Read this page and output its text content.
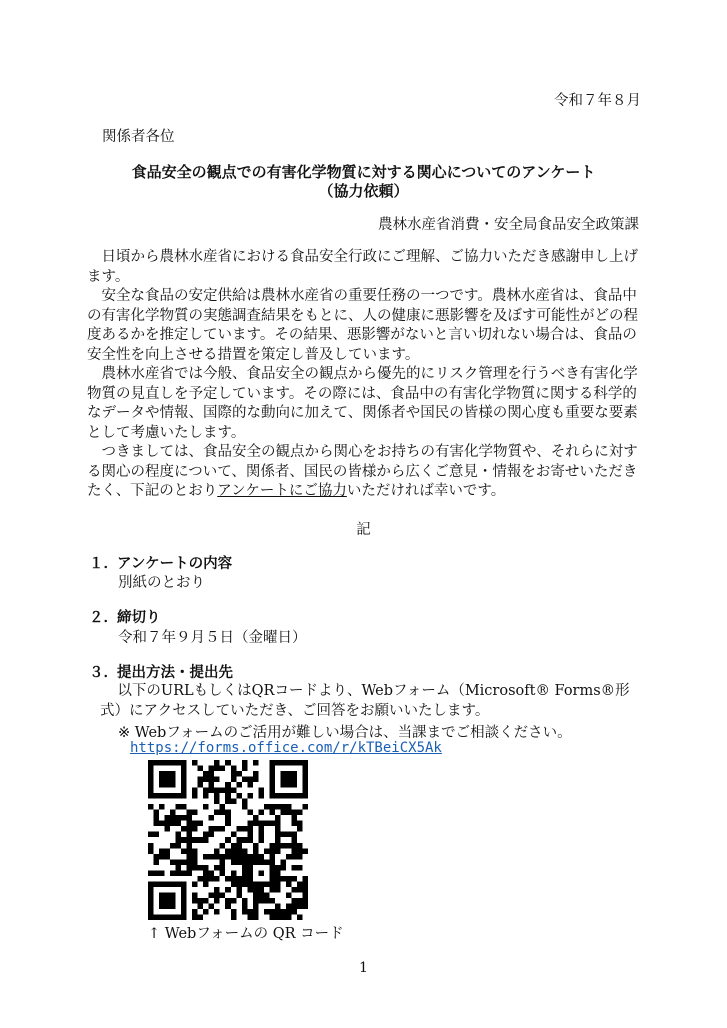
令和７年８月
関係者各位
食品安全の観点での有害化学物質に対する関心についてのアンケート
（協力依頼）
農林水産省消費・安全局食品安全政策課

日頃から農林水産省における食品安全行政にご理解、ご協力いただき感謝申し上げます。

安全な食品の安定供給は農林水産省の重要任務の一つです。農林水産省は、食品中の有害化学物質の実態調査結果をもとに、人の健康に悪影響を及ぼす可能性がどの程度あるかを推定しています。その結果、悪影響がないと言い切れない場合は、食品の安全性を向上させる措置を策定し普及しています。

農林水産省では今般、食品安全の観点から優先的にリスク管理を行うべき有害化学物質の見直しを予定しています。その際には、食品中の有害化学物質に関する科学的なデータや情報、国際的な動向に加えて、関係者や国民の皆様の関心度も重要な要素として考慮いたします。

つきましては、食品安全の観点から関心をお持ちの有害化学物質や、それらに対する関心の程度について、関係者、国民の皆様から広くご意見・情報をお寄せいただきたく、下記のとおりアンケートにご協力いただければ幸いです。

記
１．アンケートの内容
別紙のとおり
２．締切り
令和７年９月５日（金曜日）
３．提出方法・提出先

以下のURLもしくはQRコードより、Webフォーム（Microsoft® Forms®形式）にアクセスしていただき、ご回答をお願いいたします。

※ Webフォームのご活用が難しい場合は、当課までご相談ください。
https://forms.office.com/r/kTBeiCX5Ak
↑ Webフォームの QR コード
1
